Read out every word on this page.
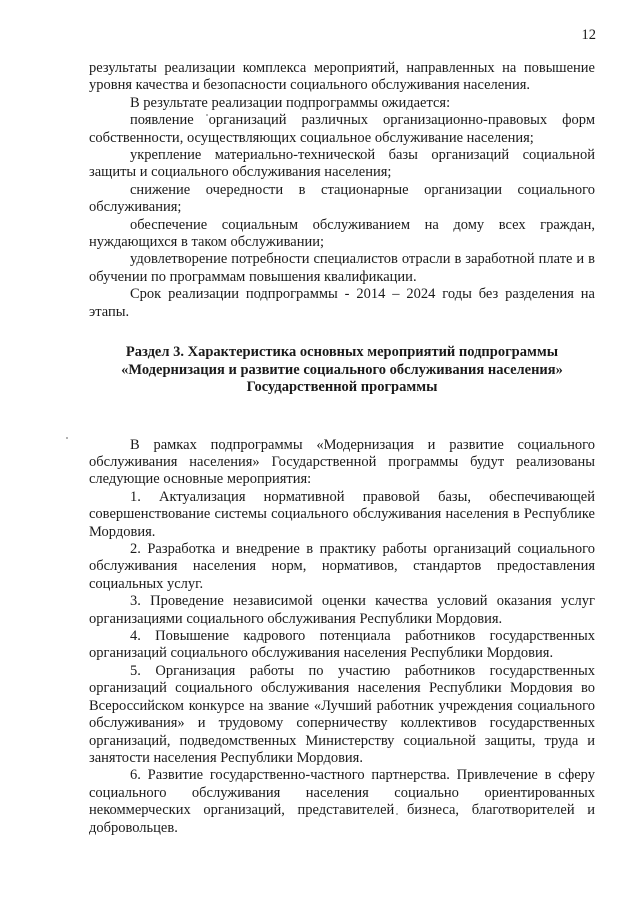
12

результаты реализации комплекса мероприятий, направленных на повышение уровня качества и безопасности социального обслуживания населения.

В результате реализации подпрограммы ожидается:

появление организаций различных организационно-правовых форм собственности, осуществляющих социальное обслуживание населения;

укрепление материально-технической базы организаций социальной защиты и социального обслуживания населения;

снижение очередности в стационарные организации социального обслуживания;

обеспечение социальным обслуживанием на дому всех граждан, нуждающихся в таком обслуживании;

удовлетворение потребности специалистов отрасли в заработной плате и в обучении по программам повышения квалификации.

Срок реализации подпрограммы - 2014 – 2024 годы без разделения на этапы.

Раздел 3. Характеристика основных мероприятий подпрограммы
«Модернизация и развитие социального обслуживания населения»
Государственной программы

В рамках подпрограммы «Модернизация и развитие социального обслуживания населения» Государственной программы будут реализованы следующие основные мероприятия:

1. Актуализация нормативной правовой базы, обеспечивающей совершенствование системы социального обслуживания населения в Республике Мордовия.

2. Разработка и внедрение в практику работы организаций социального обслуживания населения норм, нормативов, стандартов предоставления социальных услуг.

3. Проведение независимой оценки качества условий оказания услуг организациями социального обслуживания Республики Мордовия.

4. Повышение кадрового потенциала работников государственных организаций социального обслуживания населения Республики Мордовия.

5. Организация работы по участию работников государственных организаций социального обслуживания населения Республики Мордовия во Всероссийском конкурсе на звание «Лучший работник учреждения социального обслуживания» и трудовому соперничеству коллективов государственных организаций, подведомственных Министерству социальной защиты, труда и занятости населения Республики Мордовия.

6. Развитие государственно-частного партнерства. Привлечение в сферу социального обслуживания населения социально ориентированных некоммерческих организаций, представителей бизнеса, благотворителей и добровольцев.
